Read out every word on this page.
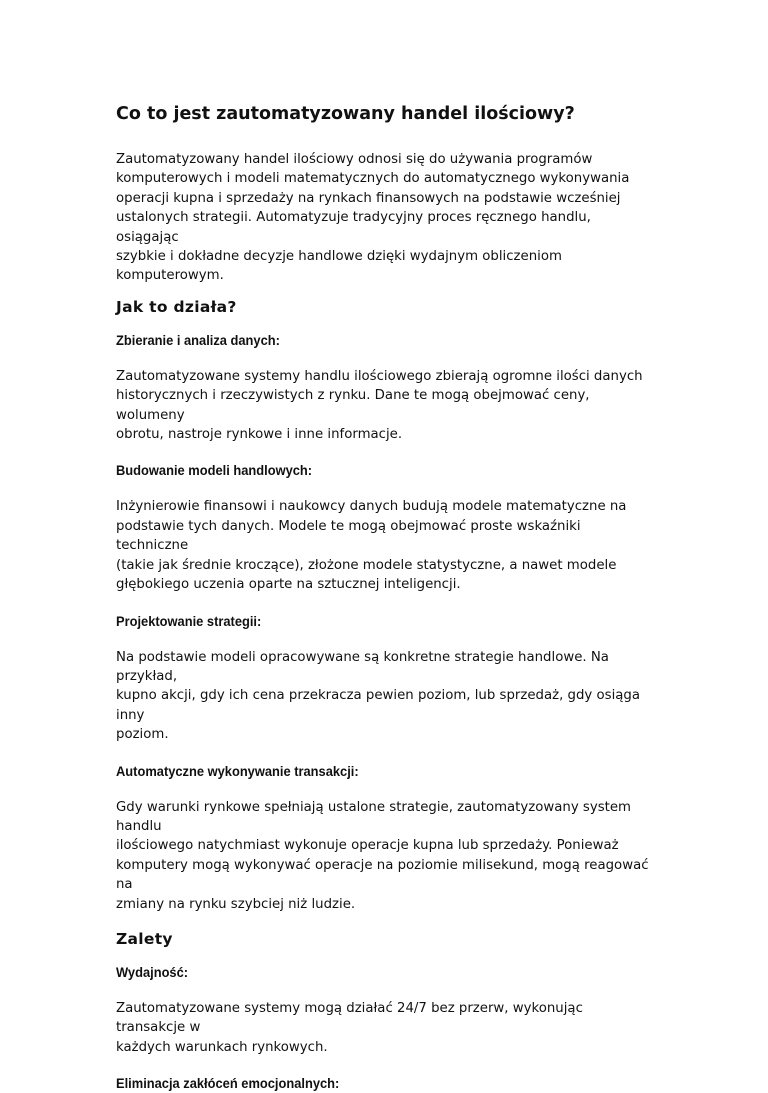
Co to jest zautomatyzowany handel ilościowy?
Zautomatyzowany handel ilościowy odnosi się do używania programów
komputerowych i modeli matematycznych do automatycznego wykonywania
operacji kupna i sprzedaży na rynkach finansowych na podstawie wcześniej
ustalonych strategii. Automatyzuje tradycyjny proces ręcznego handlu, osiągając
szybkie i dokładne decyzje handlowe dzięki wydajnym obliczeniom komputerowym.
Jak to działa?
Zbieranie i analiza danych:
Zautomatyzowane systemy handlu ilościowego zbierają ogromne ilości danych
historycznych i rzeczywistych z rynku. Dane te mogą obejmować ceny, wolumeny
obrotu, nastroje rynkowe i inne informacje.
Budowanie modeli handlowych:
Inżynierowie finansowi i naukowcy danych budują modele matematyczne na
podstawie tych danych. Modele te mogą obejmować proste wskaźniki techniczne
(takie jak średnie kroczące), złożone modele statystyczne, a nawet modele
głębokiego uczenia oparte na sztucznej inteligencji.
Projektowanie strategii:
Na podstawie modeli opracowywane są konkretne strategie handlowe. Na przykład,
kupno akcji, gdy ich cena przekracza pewien poziom, lub sprzedaż, gdy osiąga inny
poziom.
Automatyczne wykonywanie transakcji:
Gdy warunki rynkowe spełniają ustalone strategie, zautomatyzowany system handlu
ilościowego natychmiast wykonuje operacje kupna lub sprzedaży. Ponieważ
komputery mogą wykonywać operacje na poziomie milisekund, mogą reagować na
zmiany na rynku szybciej niż ludzie.
Zalety
Wydajność:
Zautomatyzowane systemy mogą działać 24/7 bez przerw, wykonując transakcje w
każdych warunkach rynkowych.
Eliminacja zakłóceń emocjonalnych:
